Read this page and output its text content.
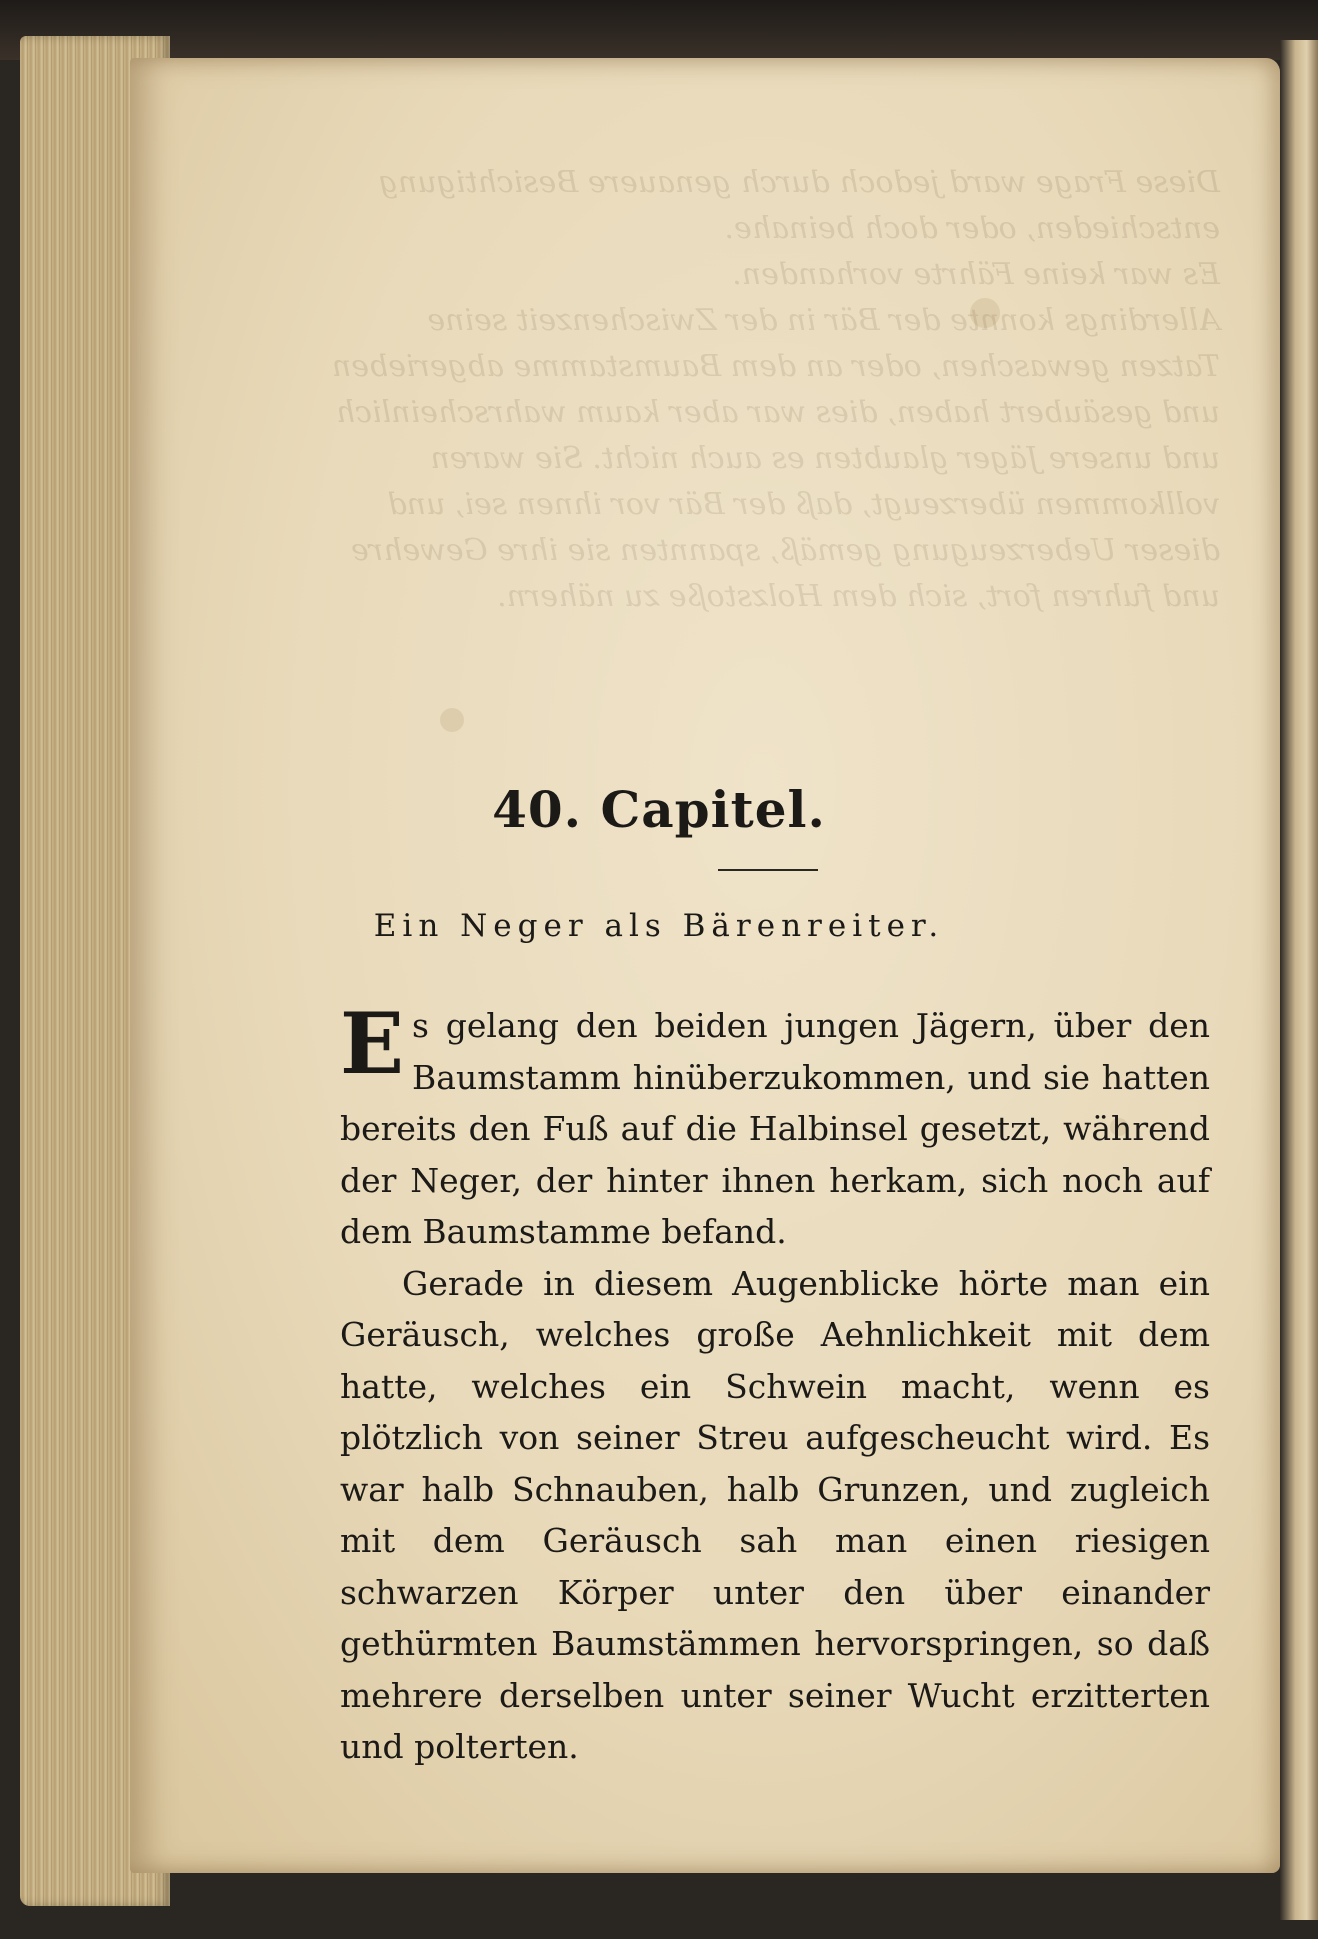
Diese Frage ward jedoch durch genauere Besichtigung
entschieden, oder doch beinahe.
Es war keine Fährte vorhanden.
Allerdings konnte der Bär in der Zwischenzeit seine
Tatzen gewaschen, oder an dem Baumstamme abgerieben
und gesäubert haben, dies war aber kaum wahrscheinlich
und unsere Jäger glaubten es auch nicht. Sie waren
vollkommen überzeugt, daß der Bär vor ihnen sei, und
dieser Ueberzeugung gemäß, spannten sie ihre Gewehre
und fuhren fort, sich dem Holzstoße zu nähern.
40. Capitel.
Ein Neger als Bärenreiter.

Es gelang den beiden jungen Jägern, über den Baumstamm hinüberzukommen, und sie hatten bereits den Fuß auf die Halbinsel gesetzt, während der Neger, der hinter ihnen herkam, sich noch auf dem Baumstamme befand.

Gerade in diesem Augenblicke hörte man ein Geräusch, welches große Aehnlichkeit mit dem hatte, welches ein Schwein macht, wenn es plötzlich von seiner Streu aufgescheucht wird. Es war halb Schnauben, halb Grunzen, und zugleich mit dem Geräusch sah man einen riesigen schwarzen Körper unter den über einander gethürmten Baumstämmen hervorspringen, so daß mehrere derselben unter seiner Wucht erzitterten und polterten.
